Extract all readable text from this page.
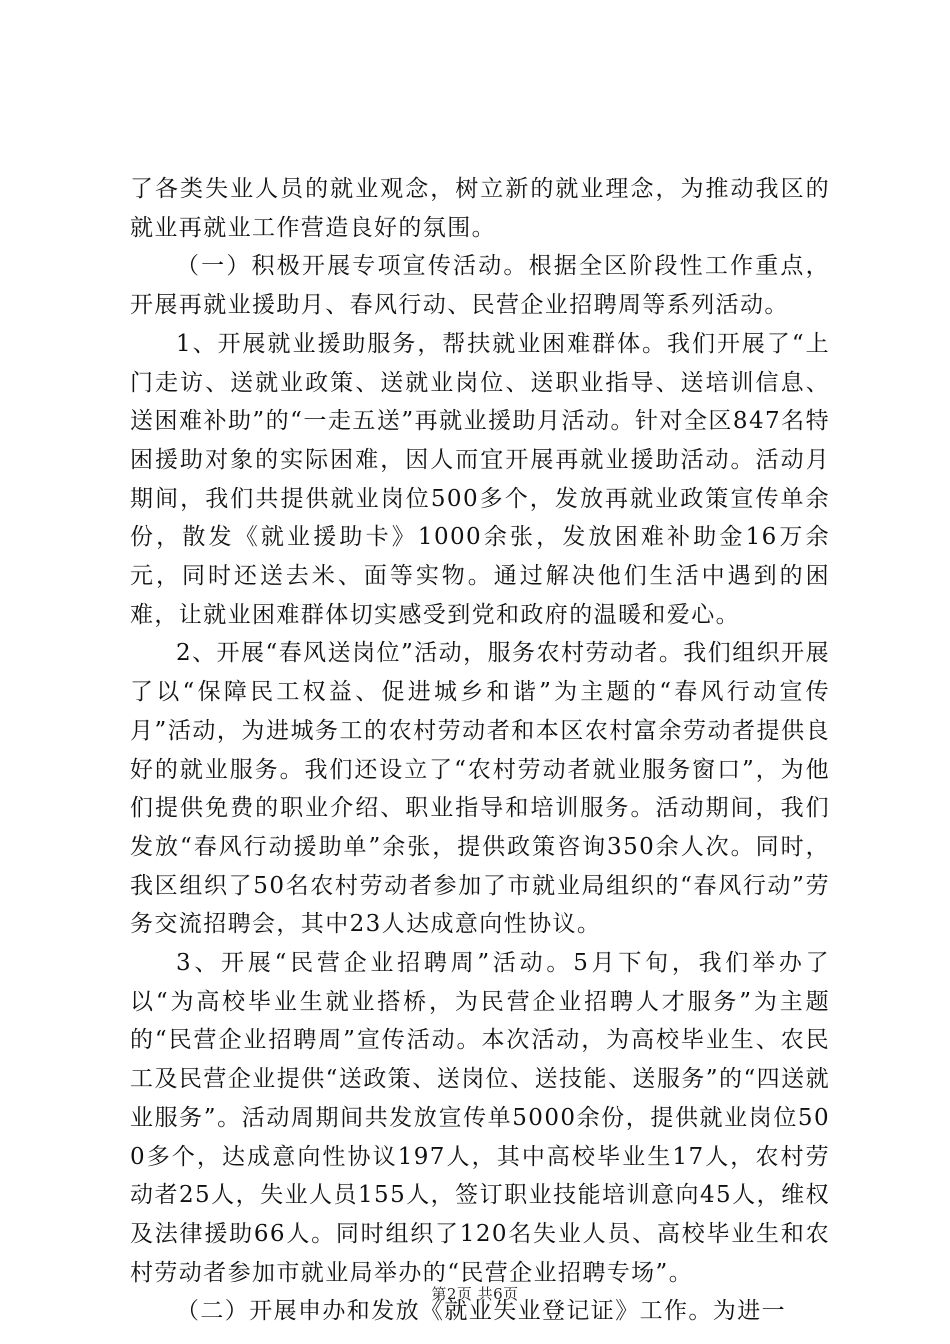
了各类失业人员的就业观念，树立新的就业理念，为推动我区的就业再就业工作营造良好的氛围。

（一）积极开展专项宣传活动。根据全区阶段性工作重点，开展再就业援助月、春风行动、民营企业招聘周等系列活动。

1、开展就业援助服务，帮扶就业困难群体。我们开展了“上门走访、送就业政策、送就业岗位、送职业指导、送培训信息、送困难补助”的“一走五送”再就业援助月活动。针对全区847名特困援助对象的实际困难，因人而宜开展再就业援助活动。活动月期间，我们共提供就业岗位500多个，发放再就业政策宣传单余份，散发《就业援助卡》1000余张，发放困难补助金16万余元，同时还送去米、面等实物。通过解决他们生活中遇到的困难，让就业困难群体切实感受到党和政府的温暖和爱心。

2、开展“春风送岗位”活动，服务农村劳动者。我们组织开展了以“保障民工权益、促进城乡和谐”为主题的“春风行动宣传月”活动，为进城务工的农村劳动者和本区农村富余劳动者提供良好的就业服务。我们还设立了“农村劳动者就业服务窗口”，为他们提供免费的职业介绍、职业指导和培训服务。活动期间，我们发放“春风行动援助单”余张，提供政策咨询350余人次。同时，我区组织了50名农村劳动者参加了市就业局组织的“春风行动”劳务交流招聘会，其中23人达成意向性协议。

3、开展“民营企业招聘周”活动。5月下旬，我们举办了以“为高校毕业生就业搭桥，为民营企业招聘人才服务”为主题的“民营企业招聘周”宣传活动。本次活动，为高校毕业生、农民工及民营企业提供“送政策、送岗位、送技能、送服务”的“四送就业服务”。活动周期间共发放宣传单5000余份，提供就业岗位500多个，达成意向性协议197人，其中高校毕业生17人，农村劳动者25人，失业人员155人，签订职业技能培训意向45人，维权及法律援助66人。同时组织了120名失业人员、高校毕业生和农村劳动者参加市就业局举办的“民营企业招聘专场”。

（二）开展申办和发放《就业失业登记证》工作。为进一

第2页 共6页
